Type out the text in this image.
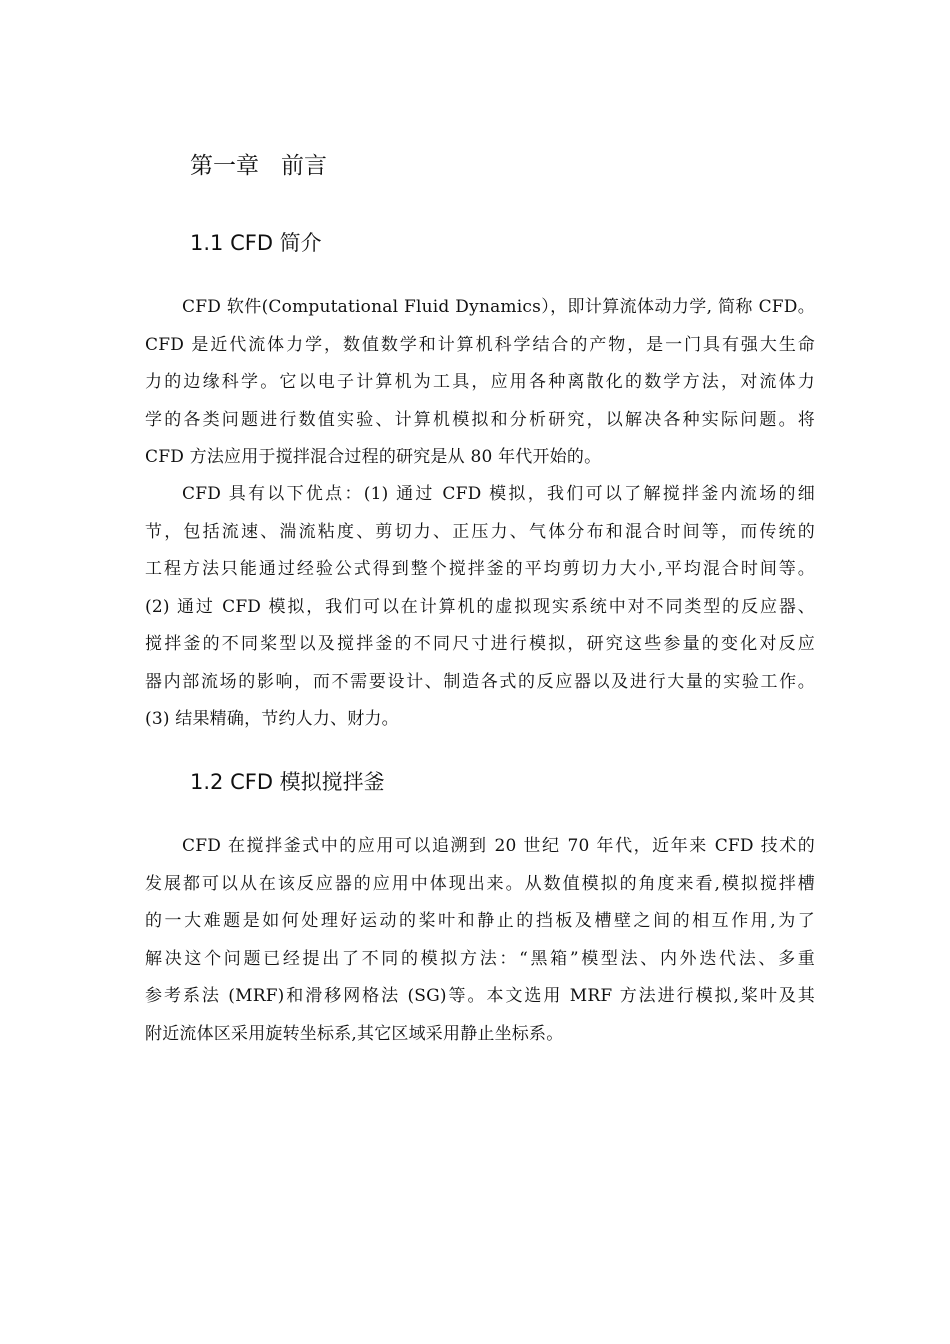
第一章 前言
1.1 CFD 简介
CFD 软件(Computational Fluid Dynamics），即计算流体动力学, 简称 CFD。
CFD 是近代流体力学，数值数学和计算机科学结合的产物，是一门具有强大生命
力的边缘科学。它以电子计算机为工具，应用各种离散化的数学方法，对流体力
学的各类问题进行数值实验、计算机模拟和分析研究，以解决各种实际问题。将
CFD 方法应用于搅拌混合过程的研究是从 80 年代开始的。
CFD 具有以下优点：(1) 通过 CFD 模拟，我们可以了解搅拌釜内流场的细
节，包括流速、湍流粘度、剪切力、正压力、气体分布和混合时间等，而传统的
工程方法只能通过经验公式得到整个搅拌釜的平均剪切力大小,平均混合时间等。
(2) 通过 CFD 模拟，我们可以在计算机的虚拟现实系统中对不同类型的反应器、
搅拌釜的不同桨型以及搅拌釜的不同尺寸进行模拟，研究这些参量的变化对反应
器内部流场的影响，而不需要设计、制造各式的反应器以及进行大量的实验工作。
(3) 结果精确，节约人力、财力。
1.2 CFD 模拟搅拌釜
CFD 在搅拌釜式中的应用可以追溯到 20 世纪 70 年代，近年来 CFD 技术的
发展都可以从在该反应器的应用中体现出来。从数值模拟的角度来看,模拟搅拌槽
的一大难题是如何处理好运动的桨叶和静止的挡板及槽壁之间的相互作用,为了
解决这个问题已经提出了不同的模拟方法：“黑箱”模型法、内外迭代法、多重
参考系法 (MRF)和滑移网格法 (SG)等。本文选用 MRF 方法进行模拟,桨叶及其
附近流体区采用旋转坐标系,其它区域采用静止坐标系。
